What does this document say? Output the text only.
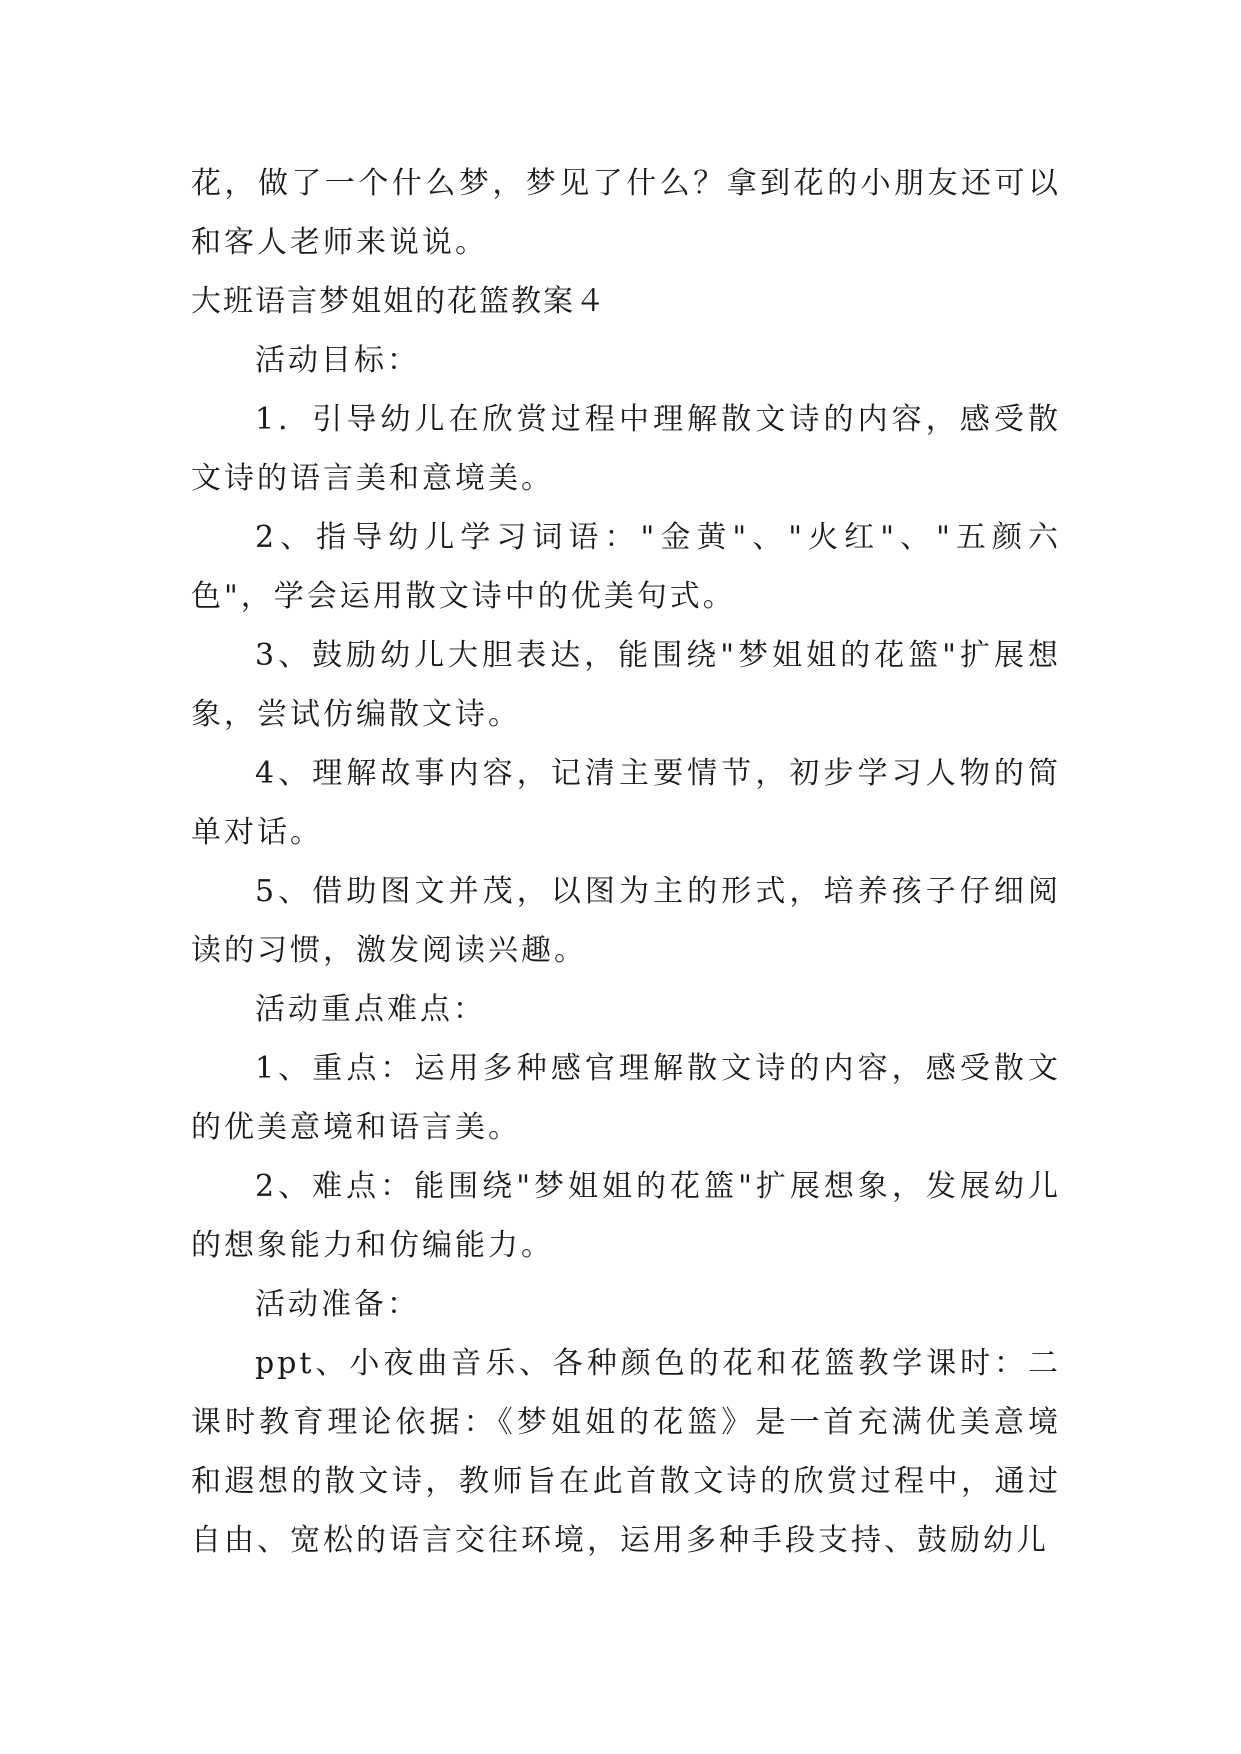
花，做了一个什么梦，梦见了什么？拿到花的小朋友还可以和客人老师来说说。

大班语言梦姐姐的花篮教案４

活动目标：

1．引导幼儿在欣赏过程中理解散文诗的内容，感受散文诗的语言美和意境美。

2、指导幼儿学习词语："金黄"、"火红"、"五颜六色"，学会运用散文诗中的优美句式。

3、鼓励幼儿大胆表达，能围绕"梦姐姐的花篮"扩展想象，尝试仿编散文诗。

4、理解故事内容，记清主要情节，初步学习人物的简单对话。

5、借助图文并茂，以图为主的形式，培养孩子仔细阅读的习惯，激发阅读兴趣。

活动重点难点：

1、重点：运用多种感官理解散文诗的内容，感受散文的优美意境和语言美。

2、难点：能围绕"梦姐姐的花篮"扩展想象，发展幼儿的想象能力和仿编能力。

活动准备：

ppt、小夜曲音乐、各种颜色的花和花篮教学课时：二课时教育理论依据：《梦姐姐的花篮》是一首充满优美意境和遐想的散文诗，教师旨在此首散文诗的欣赏过程中，通过自由、宽松的语言交往环境，运用多种手段支持、鼓励幼儿
